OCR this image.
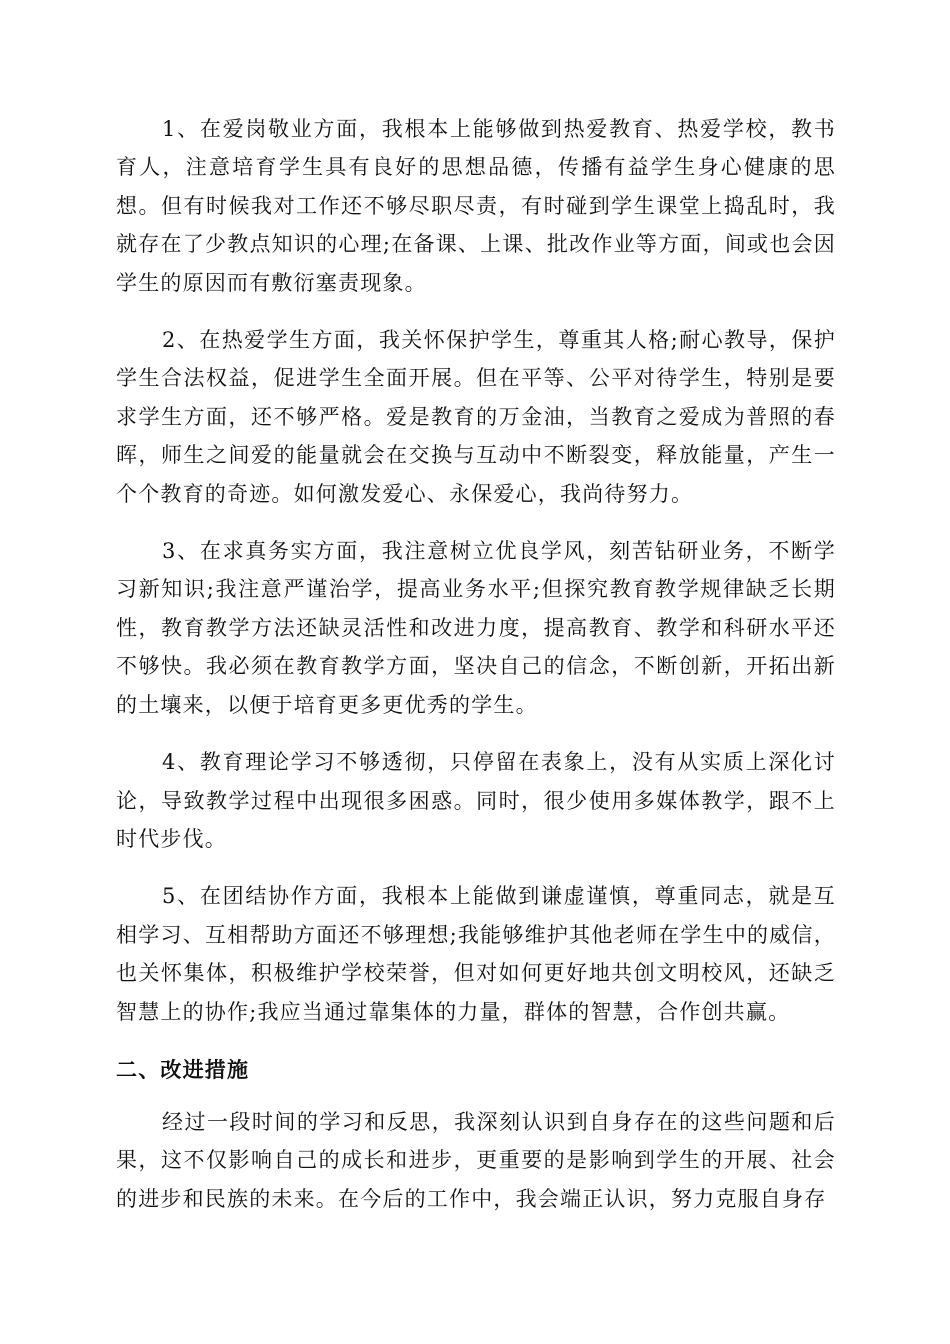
1、在爱岗敬业方面，我根本上能够做到热爱教育、热爱学校，教书育人，注意培育学生具有良好的思想品德，传播有益学生身心健康的思想。但有时候我对工作还不够尽职尽责，有时碰到学生课堂上捣乱时，我就存在了少教点知识的心理;在备课、上课、批改作业等方面，间或也会因学生的原因而有敷衍塞责现象。

2、在热爱学生方面，我关怀保护学生，尊重其人格;耐心教导，保护学生合法权益，促进学生全面开展。但在平等、公平对待学生，特别是要求学生方面，还不够严格。爱是教育的万金油，当教育之爱成为普照的春晖，师生之间爱的能量就会在交换与互动中不断裂变，释放能量，产生一个个教育的奇迹。如何激发爱心、永保爱心，我尚待努力。

3、在求真务实方面，我注意树立优良学风，刻苦钻研业务，不断学习新知识;我注意严谨治学，提高业务水平;但探究教育教学规律缺乏长期性，教育教学方法还缺灵活性和改进力度，提高教育、教学和科研水平还不够快。我必须在教育教学方面，坚决自己的信念，不断创新，开拓出新的土壤来，以便于培育更多更优秀的学生。

4、教育理论学习不够透彻，只停留在表象上，没有从实质上深化讨论，导致教学过程中出现很多困惑。同时，很少使用多媒体教学，跟不上时代步伐。

5、在团结协作方面，我根本上能做到谦虚谨慎，尊重同志，就是互相学习、互相帮助方面还不够理想;我能够维护其他老师在学生中的威信，也关怀集体，积极维护学校荣誉，但对如何更好地共创文明校风，还缺乏智慧上的协作;我应当通过靠集体的力量，群体的智慧，合作创共赢。

二、改进措施

经过一段时间的学习和反思，我深刻认识到自身存在的这些问题和后果，这不仅影响自己的成长和进步，更重要的是影响到学生的开展、社会的进步和民族的未来。在今后的工作中，我会端正认识，努力克服自身存
